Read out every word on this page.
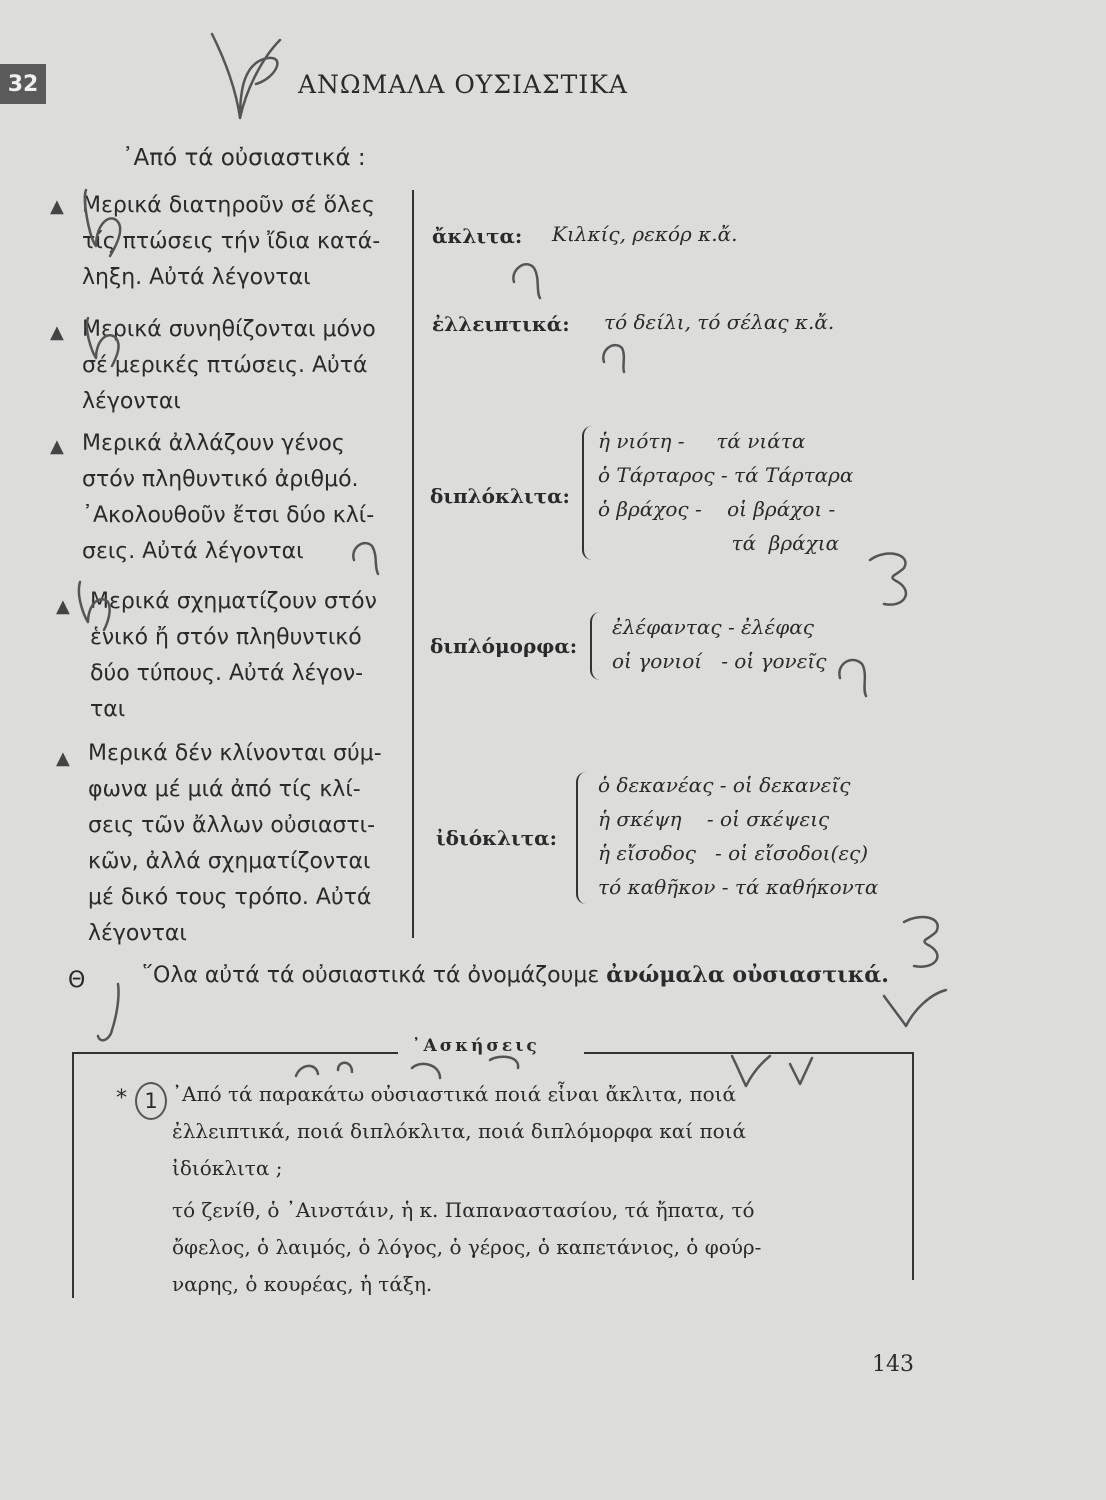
32	ΑΝΩΜΑΛΑ ΟΥΣΙΑΣΤΙΚΑ
᾿Από τά οὐσιαστικά :
▲ Μερικά διατηροῦν σέ ὅλες
τίς πτώσεις τήν ἴδια κατά-
ληξη. Αὐτά λέγονται
ἄκλιτα: Κιλκίς, ρεκόρ κ.ἄ.
▲ Μερικά συνηθίζονται μόνο
σέ μερικές πτώσεις. Αὐτά
λέγονται
ἐλλειπτικά: τό δείλι, τό σέλας κ.ἄ.
▲ Μερικά ἀλλάζουν γένος
στόν πληθυντικό ἀριθμό.
᾿Ακολουθοῦν ἔτσι δύο κλί-
σεις. Αὐτά λέγονται
διπλόκλιτα:
ἡ νιότη -     τά νιάτα
ὁ Τάρταρος - τά Τάρταρα
ὁ βράχος -    οἱ βράχοι -
τά  βράχια
▲ Μερικά σχηματίζουν στόν
ἑνικό ἤ στόν πληθυντικό
δύο τύπους. Αὐτά λέγον-
ται
διπλόμορφα:
ἐλέφαντας - ἐλέφας
οἱ γονιοί   - οἱ γονεῖς
▲ Μερικά δέν κλίνονται σύμ-
φωνα μέ μιά ἀπό τίς κλί-
σεις τῶν ἄλλων οὐσιαστι-
κῶν, ἀλλά σχηματίζονται
μέ δικό τους τρόπο. Αὐτά
λέγονται
ἰδιόκλιτα:
ὁ δεκανέας - οἱ δεκανεῖς
ἡ σκέψη    - οἱ σκέψεις
ἡ εἴσοδος   - οἱ εἴσοδοι(ες)
τό καθῆκον - τά καθήκοντα
Θ	῞Ολα αὐτά τά οὐσιαστικά τά ὀνομάζουμε ἀνώμαλα οὐσιαστικά.
᾿Ασκήσεις
* 1 ᾿Από τά παρακάτω οὐσιαστικά ποιά εἶναι ἄκλιτα, ποιά
ἐλλειπτικά, ποιά διπλόκλιτα, ποιά διπλόμορφα καί ποιά
ἰδιόκλιτα ;
τό ζενίθ, ὁ ᾿Αινστάιν, ἡ κ. Παπαναστασίου, τά ἤπατα, τό
ὄφελος, ὁ λαιμός, ὁ λόγος, ὁ γέρος, ὁ καπετάνιος, ὁ φούρ-
ναρης, ὁ κουρέας, ἡ τάξη.
143
